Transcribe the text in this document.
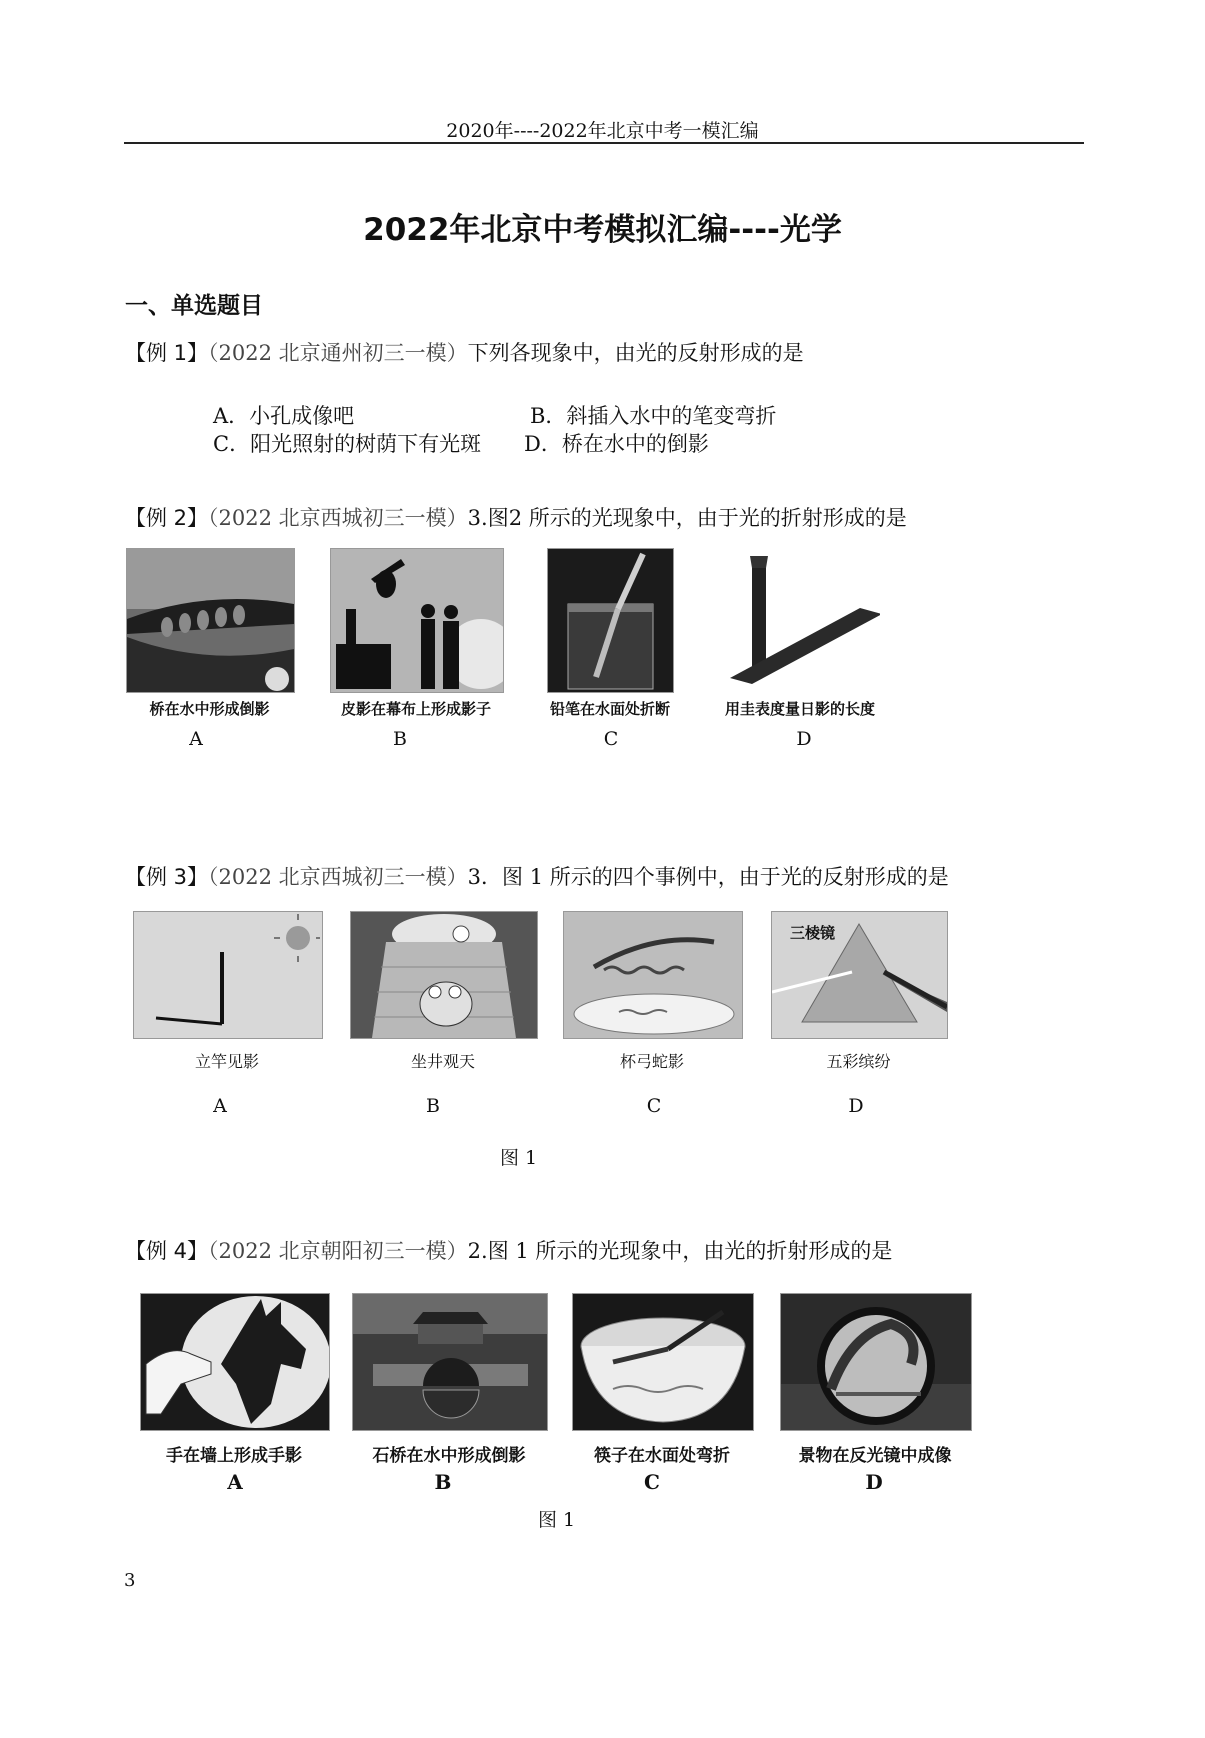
2020年----2022年北京中考一模汇编
2022年北京中考模拟汇编----光学
一、单选题目
【例 1】（2022 北京通州初三一模）下列各现象中，由光的反射形成的是
A．小孔成像吧	B．斜插入水中的笔变弯折
C．阳光照射的树荫下有光斑 D．桥在水中的倒影
【例 2】（2022 北京西城初三一模）3.图2 所示的光现象中，由于光的折射形成的是
桥在水中形成倒影	皮影在幕布上形成影子	铅笔在水面处折断	用圭表度量日影的长度
A	B	C	D
【例 3】（2022 北京西城初三一模）3．图 1 所示的四个事例中，由于光的反射形成的是
三棱镜
立竿见影	坐井观天	杯弓蛇影	五彩缤纷
A	B	C	D
图 1
【例 4】（2022 北京朝阳初三一模）2.图 1 所示的光现象中，由光的折射形成的是
手在墙上形成手影	石桥在水中形成倒影	筷子在水面处弯折	景物在反光镜中成像
A	B	C	D
图 1
3
